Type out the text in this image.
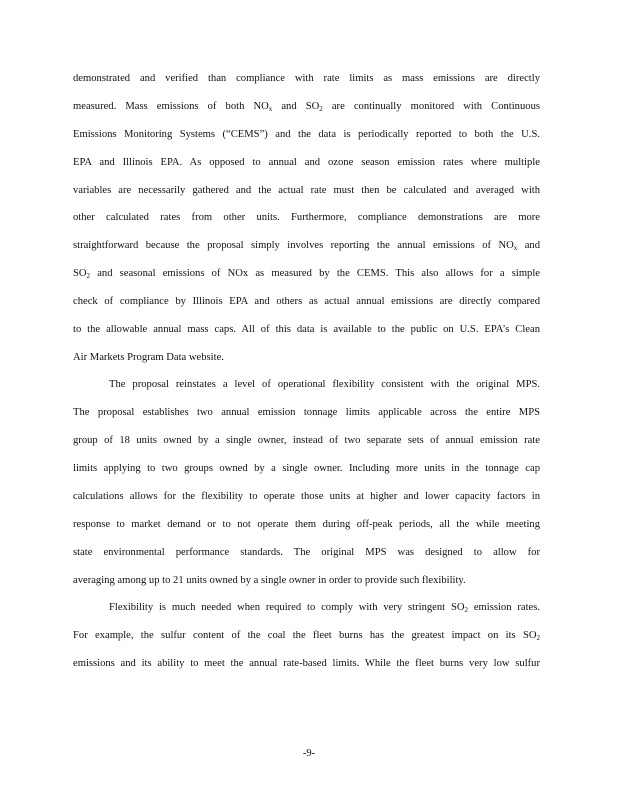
demonstrated and verified than compliance with rate limits as mass emissions are directly
measured. Mass emissions of both $NO_x$ and $SO_2$ are continually monitored with Continuous
Emissions Monitoring Systems (“CEMS”) and the data is periodically reported to both the U.S.
EPA and Illinois EPA. As opposed to annual and ozone season emission rates where multiple
variables are necessarily gathered and the actual rate must then be calculated and averaged with
other calculated rates from other units. Furthermore, compliance demonstrations are more
straightforward because the proposal simply involves reporting the annual emissions of $NO_x$ and
$SO_2$ and seasonal emissions of NOx as measured by the CEMS. This also allows for a simple
check of compliance by Illinois EPA and others as actual annual emissions are directly compared
to the allowable annual mass caps. All of this data is available to the public on U.S. EPA’s Clean
Air Markets Program Data website.
The proposal reinstates a level of operational flexibility consistent with the original MPS.
The proposal establishes two annual emission tonnage limits applicable across the entire MPS
group of 18 units owned by a single owner, instead of two separate sets of annual emission rate
limits applying to two groups owned by a single owner. Including more units in the tonnage cap
calculations allows for the flexibility to operate those units at higher and lower capacity factors in
response to market demand or to not operate them during off-peak periods, all the while meeting
state environmental performance standards. The original MPS was designed to allow for
averaging among up to 21 units owned by a single owner in order to provide such flexibility.
Flexibility is much needed when required to comply with very stringent $SO_2$ emission rates.
For example, the sulfur content of the coal the fleet burns has the greatest impact on its $SO_2$
emissions and its ability to meet the annual rate-based limits. While the fleet burns very low sulfur
-9-
